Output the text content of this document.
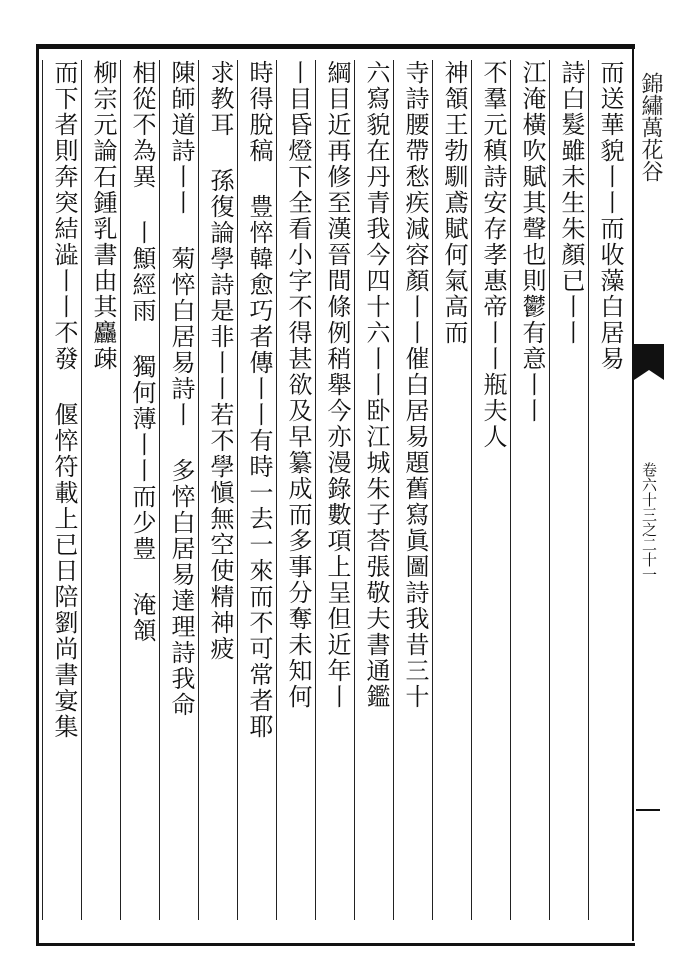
而送華貌丨丨而收藻白居易
詩白髮雖未生朱顏已丨丨
江淹橫吹賦其聲也則鬱有意丨丨
不羣元稹詩安存孝惠帝丨丨瓶夫人
神頷王勃馴鳶賦何氣高而
寺詩腰帶愁疾減容顏丨丨催白居易題舊寫眞圖詩我昔三十
六寫貌在丹青我今四十六丨丨卧江城朱子荅張敬夫書通鑑
綱目近再修至漢晉間條例稍舉今亦漫錄數項上呈但近年丨
丨目昏燈下全看小字不得甚欲及早纂成而多事分奪未知何
時得脫稿 豊悴韓愈巧者傳丨丨有時一去一來而不可常者耶
求教耳 孫復論學詩是非丨丨若不學愼無空使精神疲
陳師道詩丨丨 菊悴白居易詩丨 多悴白居易達理詩我命
相從不為異 丨顦經雨 獨何薄丨丨而少豊 淹頷
柳宗元論石鍾乳書由其麤疎
而下者則奔突結澁丨丨不發 偃悴符載上已日陪劉尚書宴集	錦繡萬花谷
卷六十三之二十一
